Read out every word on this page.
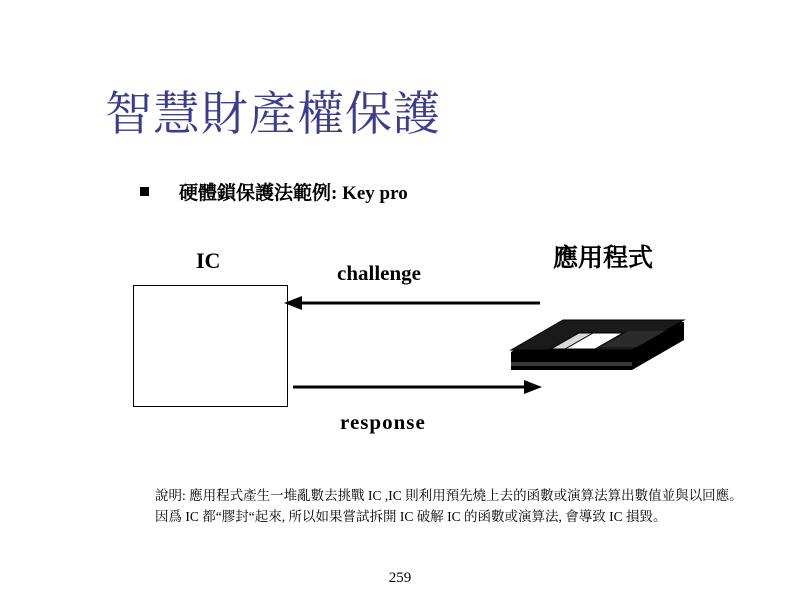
智慧財產權保護
硬體鎖保護法範例: Key pro
IC	應用程式
challenge
response
說明: 應用程式產生一堆亂數去挑戰 IC ,IC 則利用預先燒上去的函數或演算法算出數值並與以回應。因爲 IC 都“膠封“起來, 所以如果嘗試拆開 IC 破解 IC 的函數或演算法, 會導致 IC 損毀。
259
